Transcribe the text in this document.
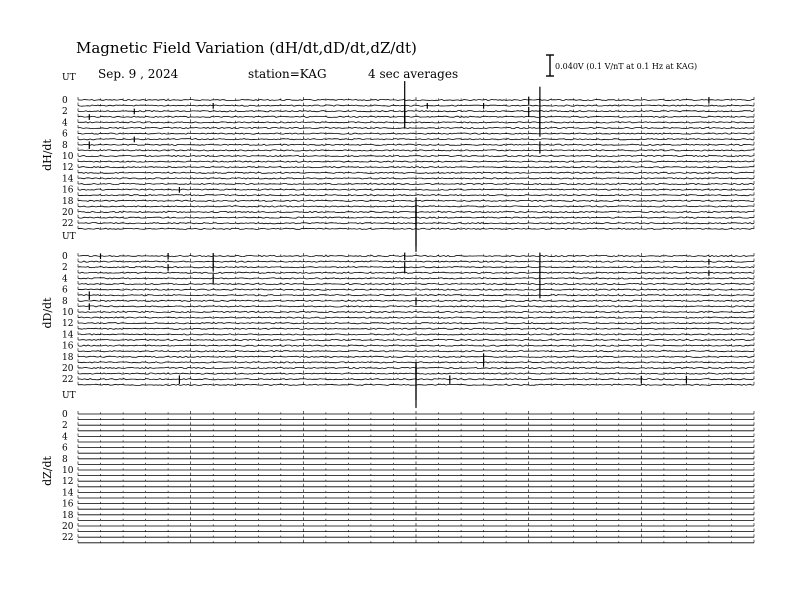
Magnetic Field Variation (dH/dt,dD/dt,dZ/dt)
Sep. 9 , 2024	station=KAG	4 sec averages
0.040V (0.1 V/nT at 0.1 Hz at KAG)
UT
dH/dt
0
2
4
6
8
10
12
14
16
18
20
22
UT
dD/dt
0
2
4
6
8
10
12
14
16
18
20
22
UT
dZ/dt
0
2
4
6
8
10
12
14
16
18
20
22
